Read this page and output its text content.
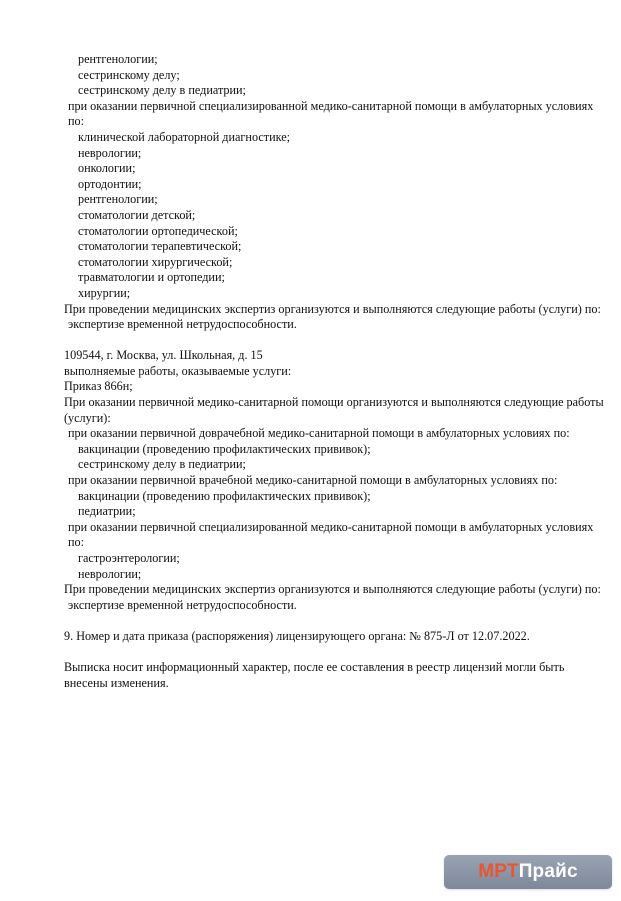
рентгенологии;
сестринскому делу;
сестринскому делу в педиатрии;
при оказании первичной специализированной медико-санитарной помощи в амбулаторных условиях по:
клинической лабораторной диагностике;
неврологии;
онкологии;
ортодонтии;
рентгенологии;
стоматологии детской;
стоматологии ортопедической;
стоматологии терапевтической;
стоматологии хирургической;
травматологии и ортопедии;
хирургии;
При проведении медицинских экспертиз организуются и выполняются следующие работы (услуги) по:
экспертизе временной нетрудоспособности.
109544, г. Москва, ул. Школьная, д. 15
выполняемые работы, оказываемые услуги:
Приказ 866н;
При оказании первичной медико-санитарной помощи организуются и выполняются следующие работы (услуги):
при оказании первичной доврачебной медико-санитарной помощи в амбулаторных условиях по:
вакцинации (проведению профилактических прививок);
сестринскому делу в педиатрии;
при оказании первичной врачебной медико-санитарной помощи в амбулаторных условиях по:
вакцинации (проведению профилактических прививок);
педиатрии;
при оказании первичной специализированной медико-санитарной помощи в амбулаторных условиях по:
гастроэнтерологии;
неврологии;
При проведении медицинских экспертиз организуются и выполняются следующие работы (услуги) по:
экспертизе временной нетрудоспособности.
9. Номер и дата приказа (распоряжения) лицензирующего органа: № 875-Л от 12.07.2022.
Выписка носит информационный характер, после ее составления в реестр лицензий могли быть внесены изменения.
МРТ Прайс
